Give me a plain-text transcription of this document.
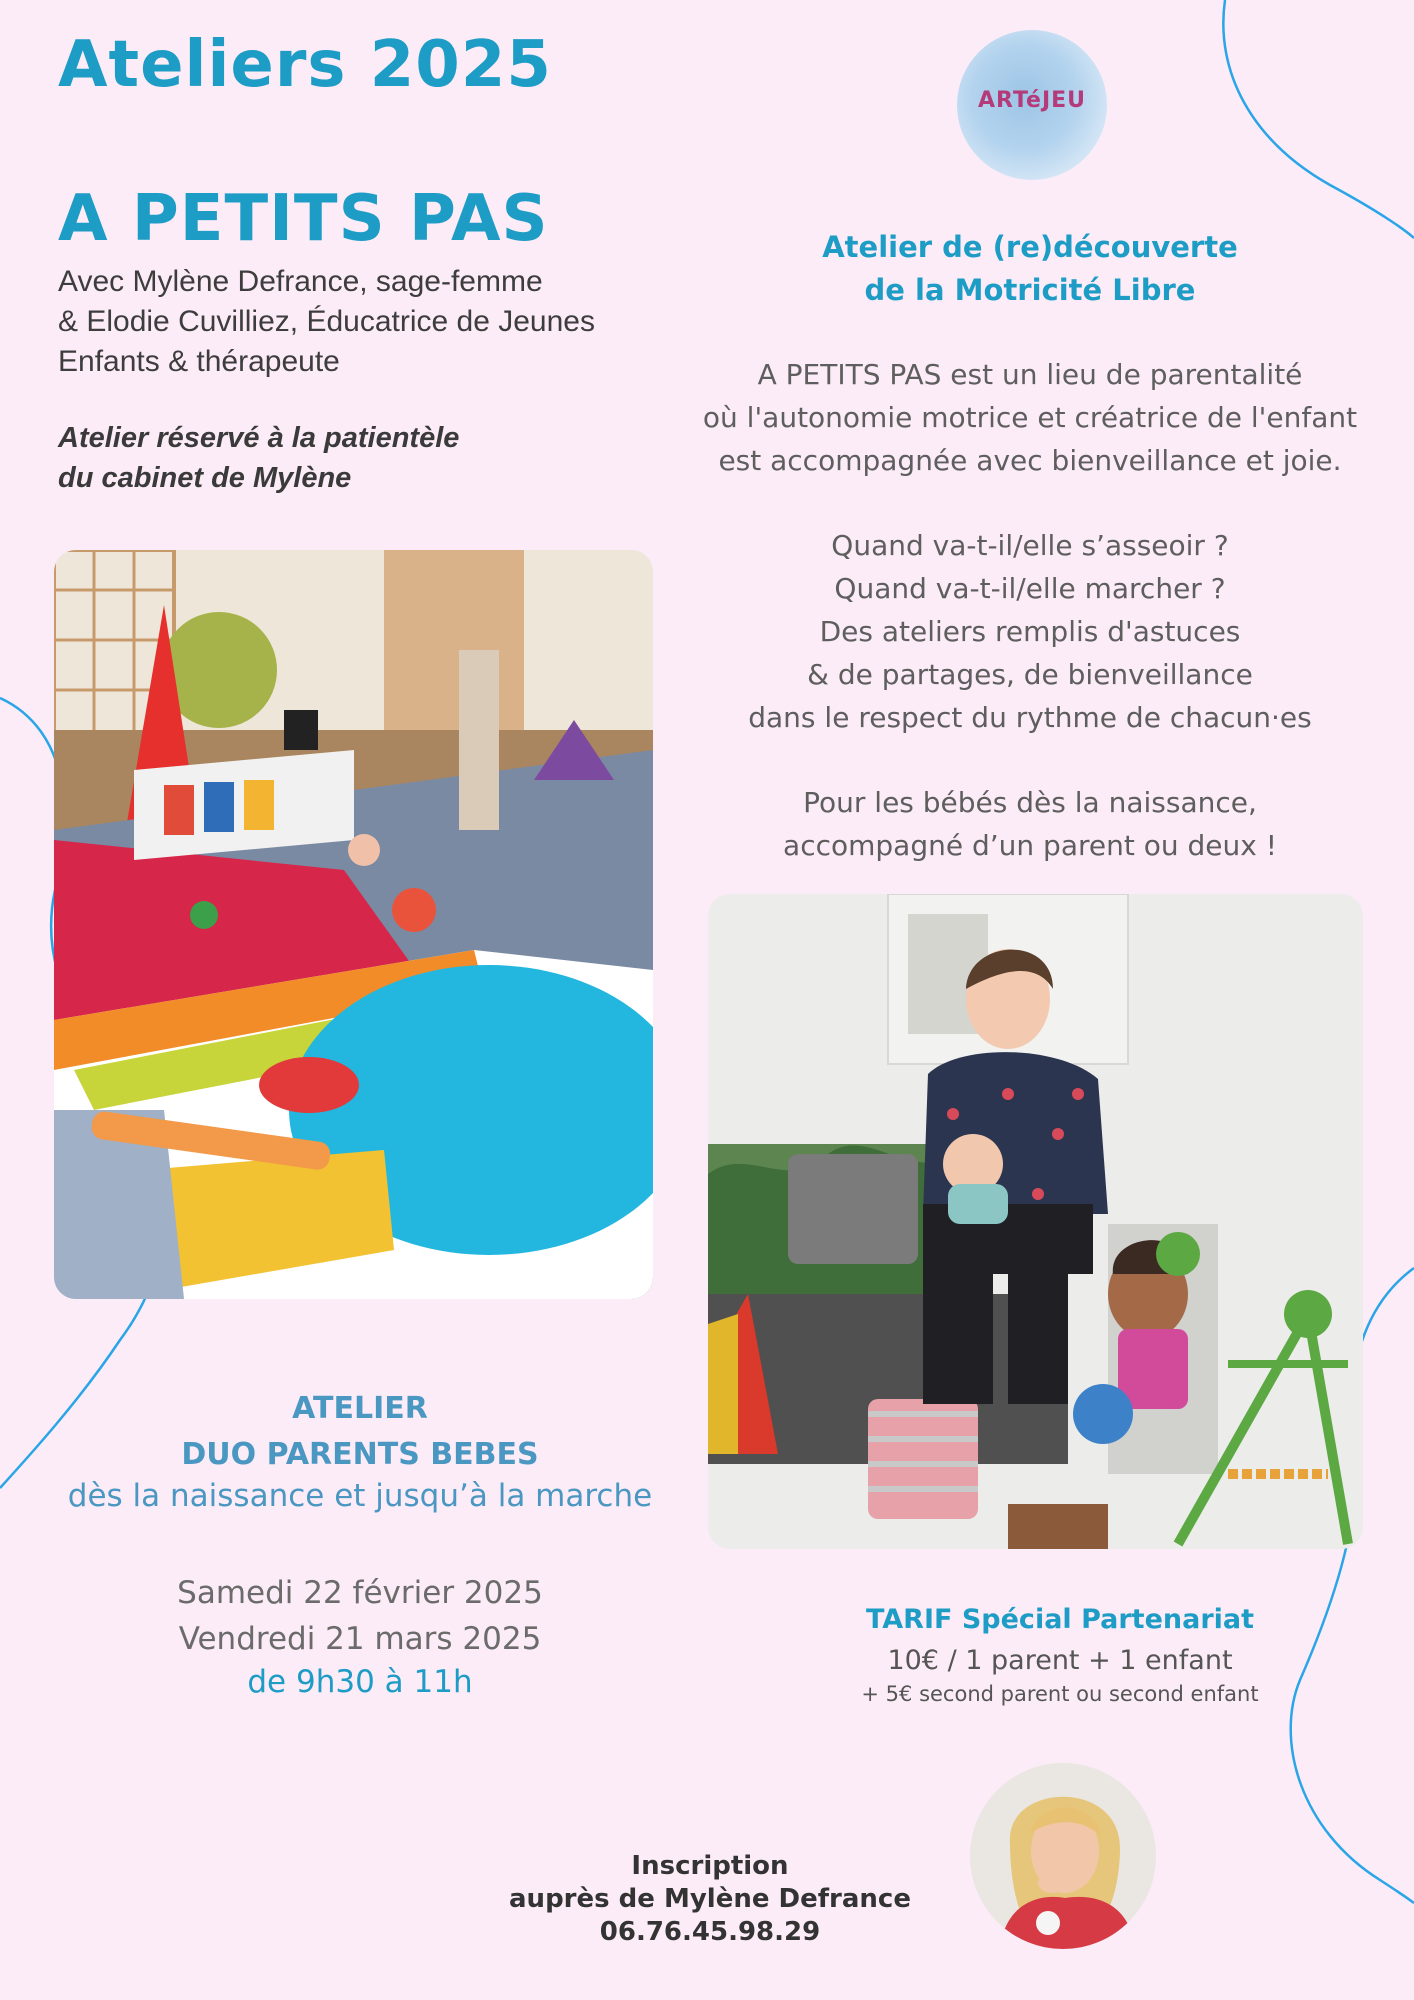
Ateliers 2025
A PETITS PAS
Avec Mylène Defrance, sage-femme
& Elodie Cuvilliez, Éducatrice de Jeunes
Enfants & thérapeute
Atelier réservé à la patientèle
du cabinet de Mylène
ARTéJEU
Atelier de (re)découverte
de la Motricité Libre
A PETITS PAS est un lieu de parentalité
où l'autonomie motrice et créatrice de l'enfant
est accompagnée avec bienveillance et joie.
Quand va-t-il/elle s’asseoir ?
Quand va-t-il/elle marcher ?
Des ateliers remplis d'astuces
& de partages, de bienveillance
dans le respect du rythme de chacun·es
Pour les bébés dès la naissance,
accompagné d’un parent ou deux !
ATELIER
DUO PARENTS BEBES
dès la naissance et jusqu’à la marche
Samedi 22 février 2025
Vendredi 21 mars 2025
de 9h30 à 11h
TARIF Spécial Partenariat
10€ / 1 parent + 1 enfant
+ 5€ second parent ou second enfant
Inscription
auprès de Mylène Defrance
06.76.45.98.29
